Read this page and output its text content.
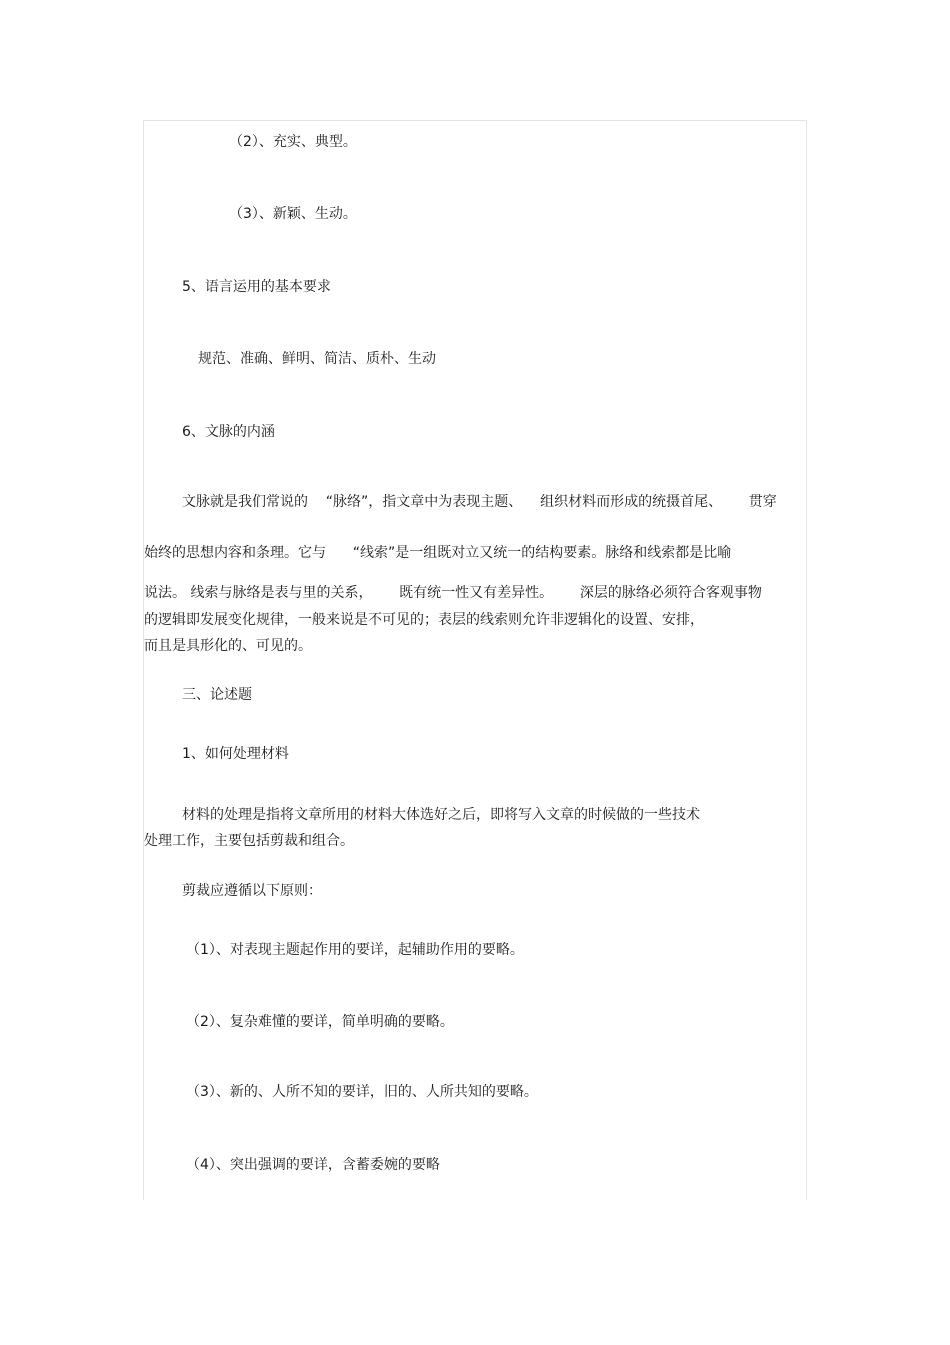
（2）、充实、典型。
（3）、新颖、生动。
5、语言运用的基本要求
规范、准确、鲜明、简洁、质朴、生动
6、文脉的内涵
文脉就是我们常说的    “脉络”，指文章中为表现主题、    组织材料而形成的统摄首尾、      贯穿
始终的思想内容和条理。它与      “线索”是一组既对立又统一的结构要素。脉络和线索都是比喻
说法。 线索与脉络是表与里的关系，      既有统一性又有差异性。      深层的脉络必须符合客观事物
的逻辑即发展变化规律，一般来说是不可见的；表层的线索则允许非逻辑化的设置、安排，
而且是具形化的、可见的。
三、论述题
1、如何处理材料
材料的处理是指将文章所用的材料大体选好之后，即将写入文章的时候做的一些技术
处理工作，主要包括剪裁和组合。
剪裁应遵循以下原则：
（1）、对表现主题起作用的要详，起辅助作用的要略。
（2）、复杂难懂的要详，简单明确的要略。
（3）、新的、人所不知的要详，旧的、人所共知的要略。
（4）、突出强调的要详，含蓄委婉的要略
